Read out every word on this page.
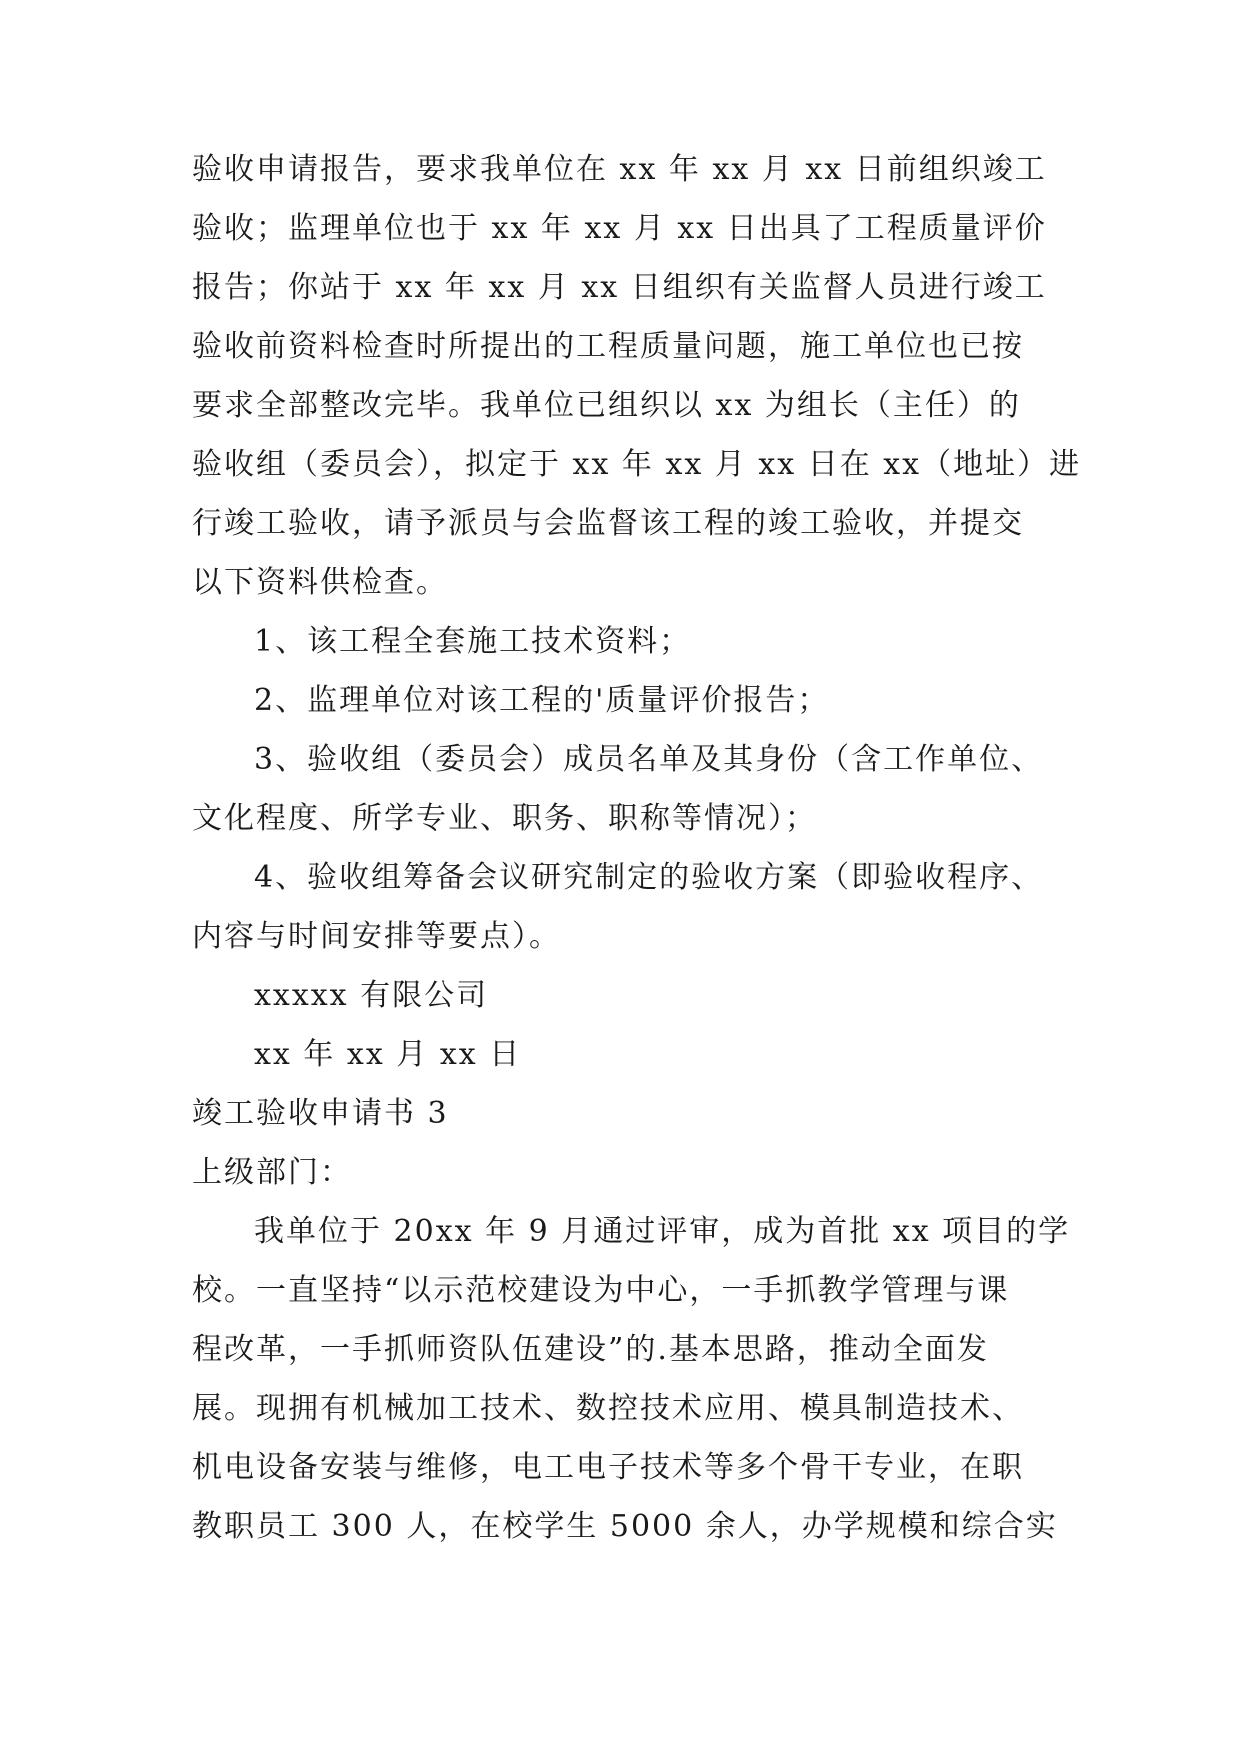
验收申请报告，要求我单位在 xx 年 xx 月 xx 日前组织竣工
验收；监理单位也于 xx 年 xx 月 xx 日出具了工程质量评价
报告；你站于 xx 年 xx 月 xx 日组织有关监督人员进行竣工
验收前资料检查时所提出的工程质量问题，施工单位也已按
要求全部整改完毕。我单位已组织以 xx 为组长（主任）的
验收组（委员会），拟定于 xx 年 xx 月 xx 日在 xx（地址）进
行竣工验收，请予派员与会监督该工程的竣工验收，并提交
以下资料供检查。
1、该工程全套施工技术资料；
2、监理单位对该工程的'质量评价报告；
3、验收组（委员会）成员名单及其身份（含工作单位、
文化程度、所学专业、职务、职称等情况）；
4、验收组筹备会议研究制定的验收方案（即验收程序、
内容与时间安排等要点）。
xxxxx 有限公司
xx 年 xx 月 xx 日
竣工验收申请书 3
上级部门：
我单位于 20xx 年 9 月通过评审，成为首批 xx 项目的学
校。一直坚持“以示范校建设为中心，一手抓教学管理与课
程改革，一手抓师资队伍建设”的.基本思路，推动全面发
展。现拥有机械加工技术、数控技术应用、模具制造技术、
机电设备安装与维修，电工电子技术等多个骨干专业，在职
教职员工 300 人，在校学生 5000 余人，办学规模和综合实
